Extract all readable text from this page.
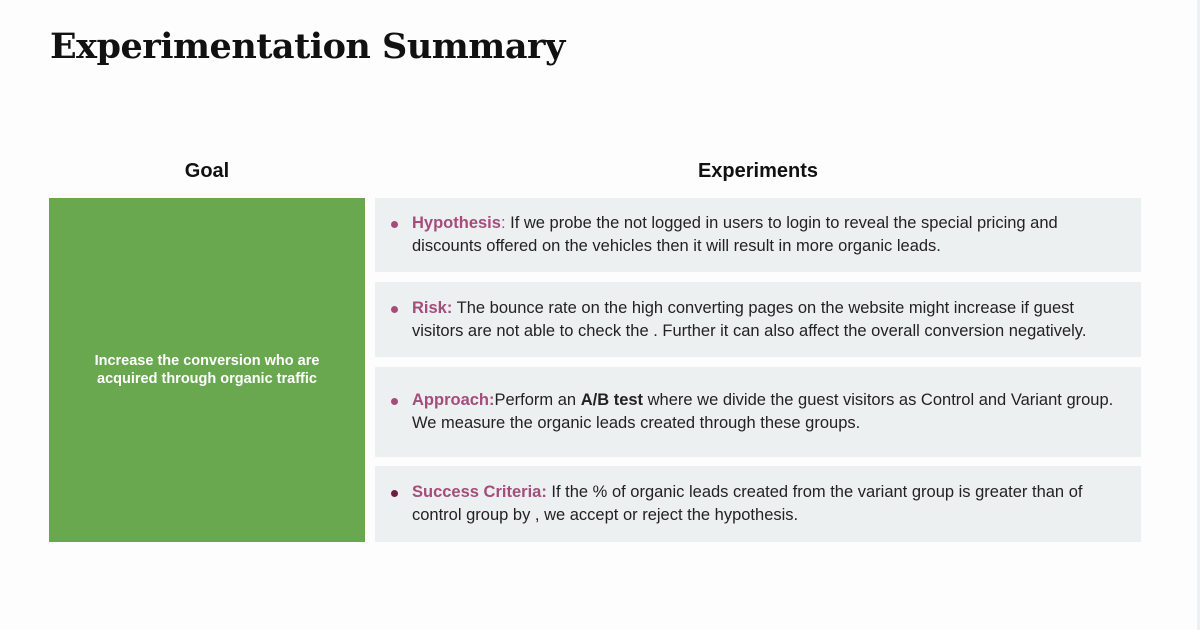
Experimentation Summary
Goal	Experiments
Increase the conversion who are acquired through organic traffic

Hypothesis: If we probe the not logged in users to login to reveal the special pricing and discounts offered on the vehicles then it will result in more organic leads.

Risk: The bounce rate on the high converting pages on the website might increase if guest visitors are not able to check the . Further it can also affect the overall conversion negatively.

Approach:Perform an A/B test where we divide the guest visitors as Control and Variant group. We measure the organic leads created through these groups.

Success Criteria: If the % of organic leads created from the variant group is greater than of control group by , we accept or reject the hypothesis.
